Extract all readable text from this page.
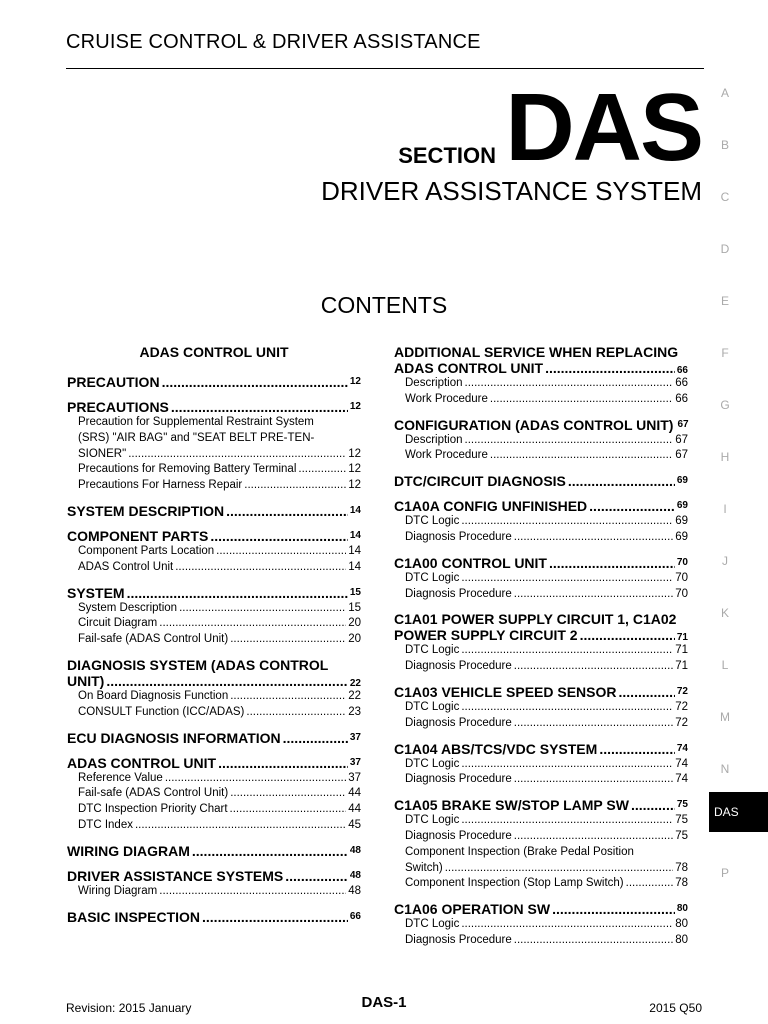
CRUISE CONTROL & DRIVER ASSISTANCE
SECTION DAS
DRIVER ASSISTANCE SYSTEM
CONTENTS
ADAS CONTROL UNIT
PRECAUTION .....	12
PRECAUTIONS .....	12
Precaution for Supplemental Restraint System
(SRS) "AIR BAG" and "SEAT BELT PRE-TEN-
SIONER" .....	12
Precautions for Removing Battery Terminal .....	12
Precautions For Harness Repair .....	12
SYSTEM DESCRIPTION .....	14
COMPONENT PARTS .....	14
Component Parts Location .....	14
ADAS Control Unit .....	14
SYSTEM .....	15
System Description .....	15
Circuit Diagram .....	20
Fail-safe (ADAS Control Unit) .....	20
DIAGNOSIS SYSTEM (ADAS CONTROL
UNIT) .....	22
On Board Diagnosis Function .....	22
CONSULT Function (ICC/ADAS) .....	23
ECU DIAGNOSIS INFORMATION .....	37
ADAS CONTROL UNIT .....	37
Reference Value .....	37
Fail-safe (ADAS Control Unit) .....	44
DTC Inspection Priority Chart .....	44
DTC Index .....	45
WIRING DIAGRAM .....	48
DRIVER ASSISTANCE SYSTEMS .....	48
Wiring Diagram .....	48
BASIC INSPECTION .....	66
ADDITIONAL SERVICE WHEN REPLACING
ADAS CONTROL UNIT .....	66
Description .....	66
Work Procedure .....	66
CONFIGURATION (ADAS CONTROL UNIT) 67
Description .....	67
Work Procedure .....	67
DTC/CIRCUIT DIAGNOSIS .....	69
C1A0A CONFIG UNFINISHED .....	69
DTC Logic .....	69
Diagnosis Procedure .....	69
C1A00 CONTROL UNIT .....	70
DTC Logic .....	70
Diagnosis Procedure .....	70
C1A01 POWER SUPPLY CIRCUIT 1, C1A02
POWER SUPPLY CIRCUIT 2 .....	71
DTC Logic .....	71
Diagnosis Procedure .....	71
C1A03 VEHICLE SPEED SENSOR .....	72
DTC Logic .....	72
Diagnosis Procedure .....	72
C1A04 ABS/TCS/VDC SYSTEM .....	74
DTC Logic .....	74
Diagnosis Procedure .....	74
C1A05 BRAKE SW/STOP LAMP SW .....	75
DTC Logic .....	75
Diagnosis Procedure .....	75
Component Inspection (Brake Pedal Position
Switch) .....	78
Component Inspection (Stop Lamp Switch) .....	78
C1A06 OPERATION SW .....	80
DTC Logic .....	80
Diagnosis Procedure .....	80
A
B
C
D
E
F
G
H
I
J
K
L
M
N
P
DAS
Revision: 2015 January	DAS-1	2015 Q50
